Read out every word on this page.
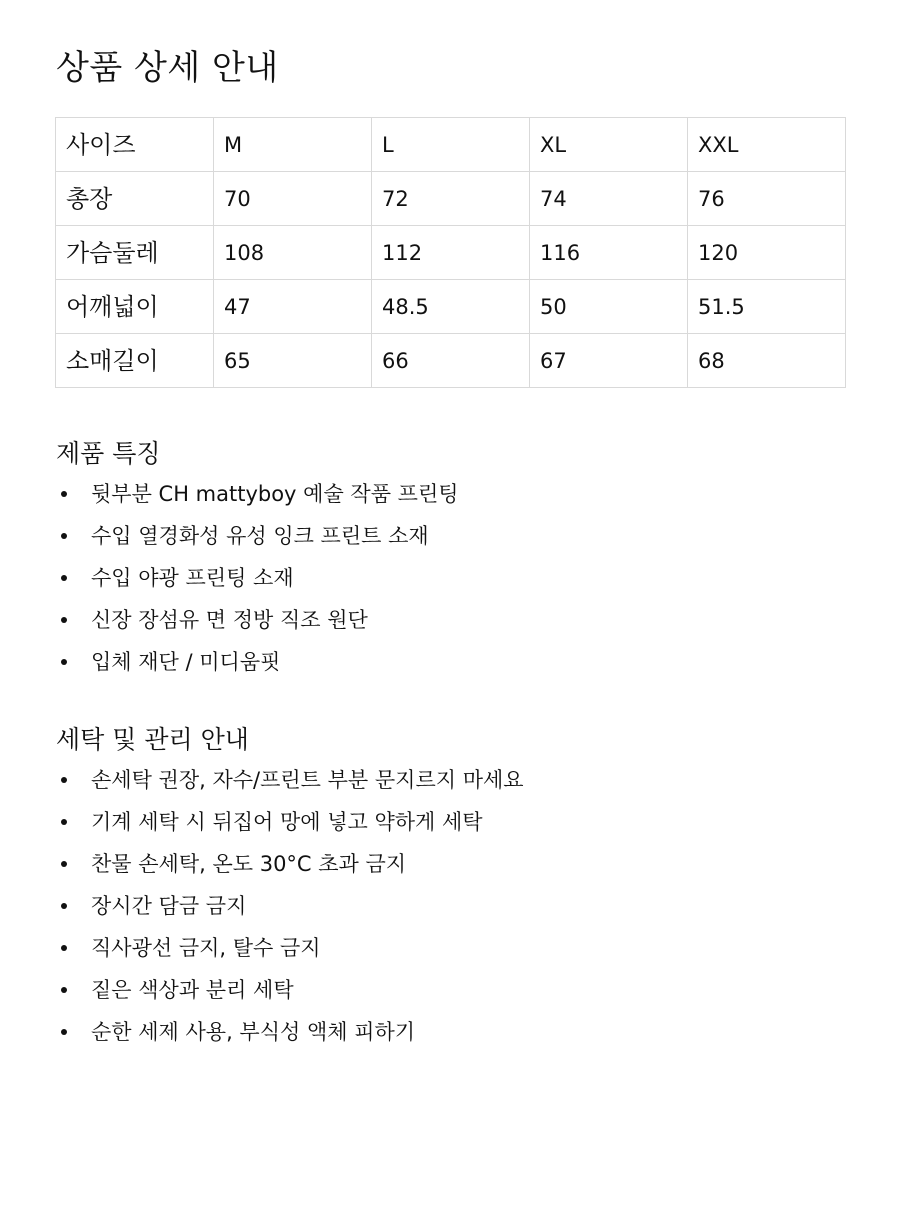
상품 상세 안내
사이즈	M	L	XL	XXL
총장	70	72	74	76
가슴둘레	108	112	116	120
어깨넓이	47	48.5	50	51.5
소매길이	65	66	67	68
제품 특징
뒷부분 CH mattyboy 예술 작품 프린팅
수입 열경화성 유성 잉크 프린트 소재
수입 야광 프린팅 소재
신장 장섬유 면 정방 직조 원단
입체 재단 / 미디움핏
세탁 및 관리 안내
손세탁 권장, 자수/프린트 부분 문지르지 마세요
기계 세탁 시 뒤집어 망에 넣고 약하게 세탁
찬물 손세탁, 온도 30°C 초과 금지
장시간 담금 금지
직사광선 금지, 탈수 금지
짙은 색상과 분리 세탁
순한 세제 사용, 부식성 액체 피하기
